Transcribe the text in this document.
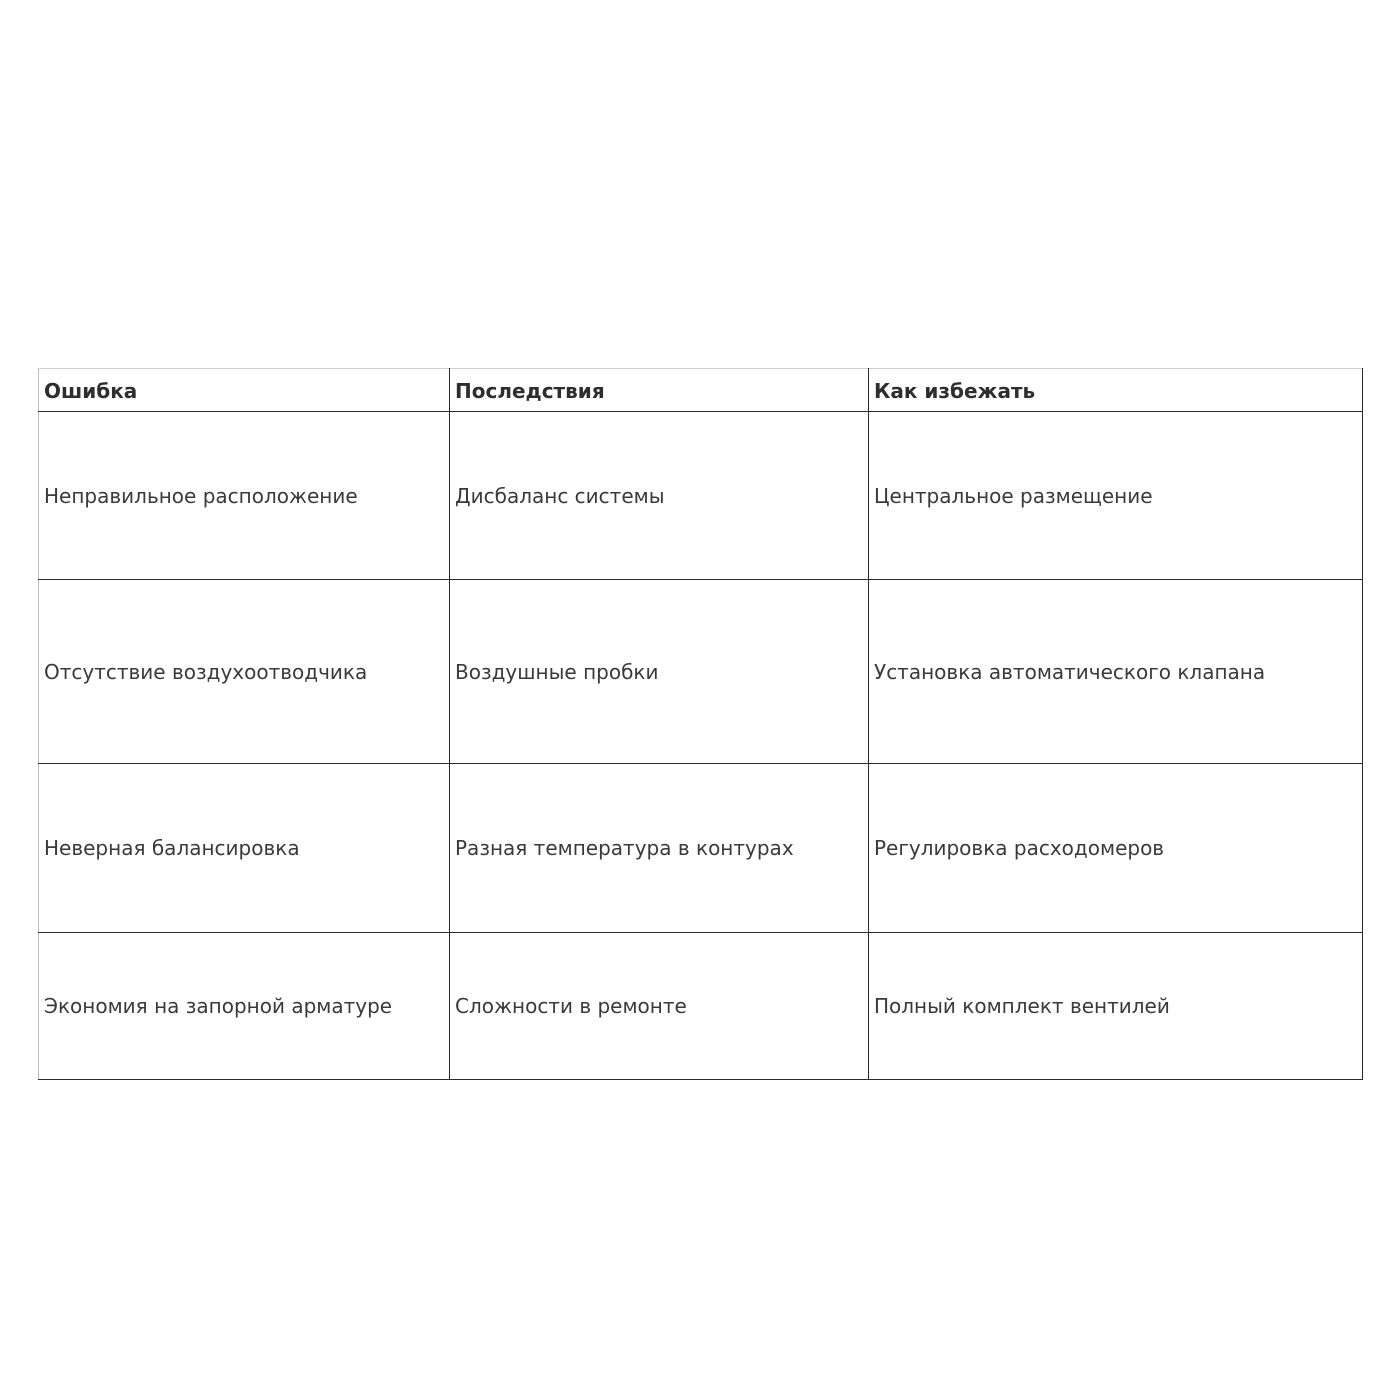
Ошибка	Последствия	Как избежать
Неправильное расположение	Дисбаланс системы	Центральное размещение
Отсутствие воздухоотводчика	Воздушные пробки	Установка автоматического клапана
Неверная балансировка	Разная температура в контурах	Регулировка расходомеров
Экономия на запорной арматуре	Сложности в ремонте	Полный комплект вентилей
